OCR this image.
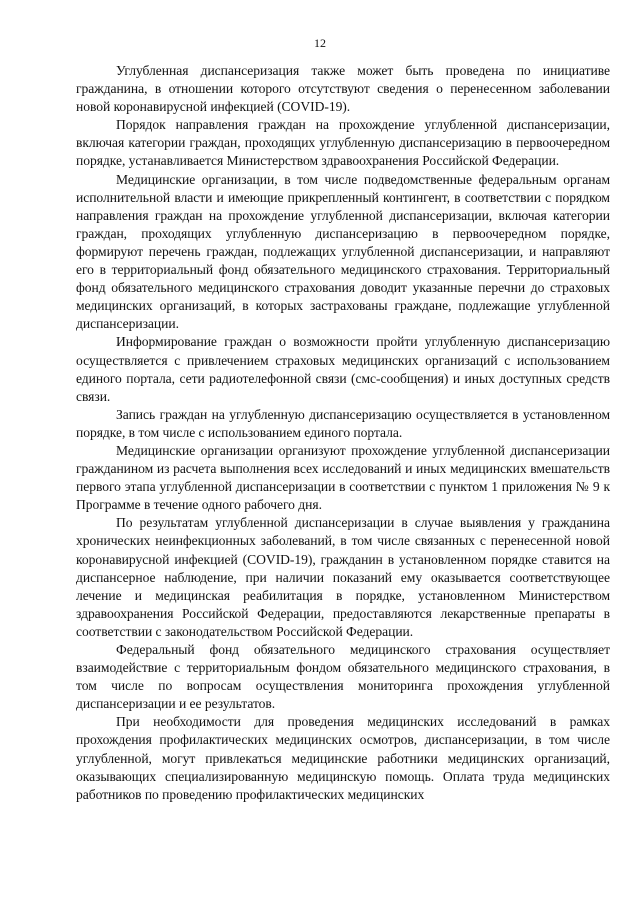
12

Углубленная диспансеризация также может быть проведена по инициативе гражданина, в отношении которого отсутствуют сведения о перенесенном заболевании новой коронавирусной инфекцией (COVID-19).

Порядок направления граждан на прохождение углубленной диспансеризации, включая категории граждан, проходящих углубленную диспансеризацию в первоочередном порядке, устанавливается Министерством здравоохранения Российской Федерации.

Медицинские организации, в том числе подведомственные федеральным органам исполнительной власти и имеющие прикрепленный контингент, в соответствии с порядком направления граждан на прохождение углубленной диспансеризации, включая категории граждан, проходящих углубленную диспансеризацию в первоочередном порядке, формируют перечень граждан, подлежащих углубленной диспансеризации, и направляют его в территориальный фонд обязательного медицинского страхования. Территориальный фонд обязательного медицинского страхования доводит указанные перечни до страховых медицинских организаций, в которых застрахованы граждане, подлежащие углубленной диспансеризации.

Информирование граждан о возможности пройти углубленную диспансеризацию осуществляется с привлечением страховых медицинских организаций с использованием единого портала, сети радиотелефонной связи (смс-сообщения) и иных доступных средств связи.

Запись граждан на углубленную диспансеризацию осуществляется в установленном порядке, в том числе с использованием единого портала.

Медицинские организации организуют прохождение углубленной диспансеризации гражданином из расчета выполнения всех исследований и иных медицинских вмешательств первого этапа углубленной диспансеризации в соответствии с пунктом 1 приложения № 9 к Программе в течение одного рабочего дня.

По результатам углубленной диспансеризации в случае выявления у гражданина хронических неинфекционных заболеваний, в том числе связанных с перенесенной новой коронавирусной инфекцией (COVID-19), гражданин в установленном порядке ставится на диспансерное наблюдение, при наличии показаний ему оказывается соответствующее лечение и медицинская реабилитация в порядке, установленном Министерством здравоохранения Российской Федерации, предоставляются лекарственные препараты в соответствии с законодательством Российской Федерации.

Федеральный фонд обязательного медицинского страхования осуществляет взаимодействие с территориальным фондом обязательного медицинского страхования, в том числе по вопросам осуществления мониторинга прохождения углубленной диспансеризации и ее результатов.

При необходимости для проведения медицинских исследований в рамках прохождения профилактических медицинских осмотров, диспансеризации, в том числе углубленной, могут привлекаться медицинские работники медицинских организаций, оказывающих специализированную медицинскую помощь. Оплата труда медицинских работников по проведению профилактических медицинских
